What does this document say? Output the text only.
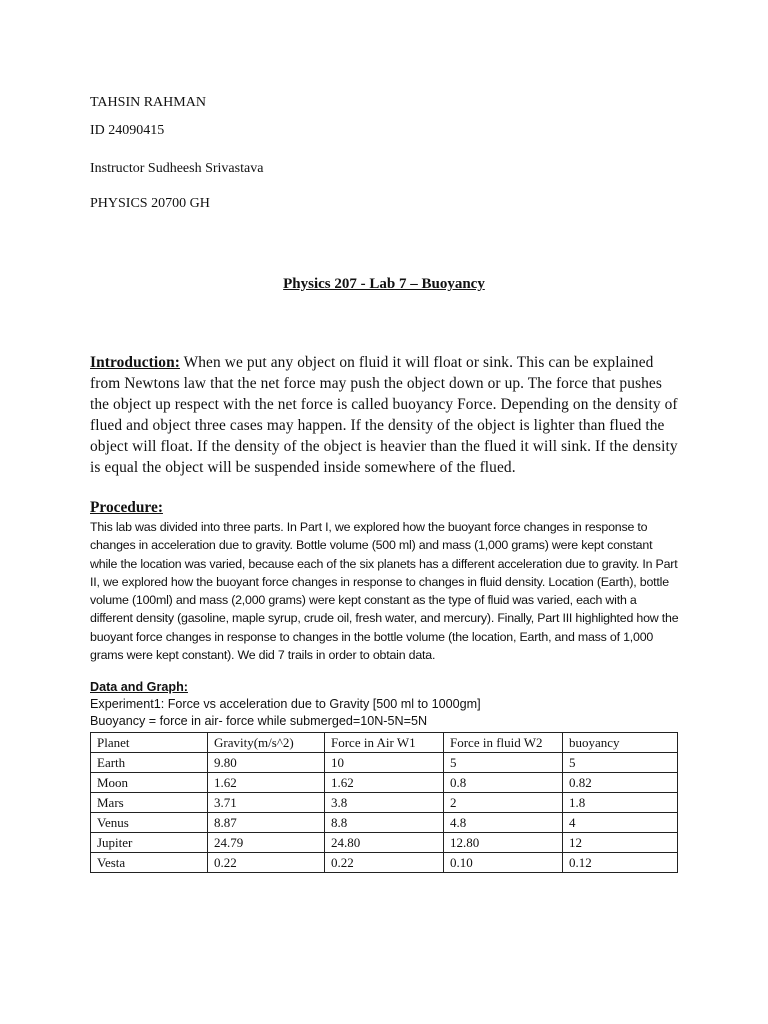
TAHSIN RAHMAN
ID 24090415
Instructor Sudheesh Srivastava
PHYSICS 20700 GH
Physics 207 - Lab 7 – Buoyancy
Introduction: When we put any object on fluid it will float or sink. This can be explained from Newtons law that the net force may push the object down or up. The force that pushes the object up respect with the net force is called buoyancy Force. Depending on the density of flued and object three cases may happen. If the density of the object is lighter than flued the object will float. If the density of the object is heavier than the flued it will sink. If the density is equal the object will be suspended inside somewhere of the flued.
Procedure:
This lab was divided into three parts. In Part I, we explored how the buoyant force changes in response to changes in acceleration due to gravity. Bottle volume (500 ml) and mass (1,000 grams) were kept constant while the location was varied, because each of the six planets has a different acceleration due to gravity. In Part II, we explored how the buoyant force changes in response to changes in fluid density. Location (Earth), bottle volume (100ml) and mass (2,000 grams) were kept constant as the type of fluid was varied, each with a different density (gasoline, maple syrup, crude oil, fresh water, and mercury). Finally, Part III highlighted how the buoyant force changes in response to changes in the bottle volume (the location, Earth, and mass of 1,000 grams were kept constant). We did 7 trails in order to obtain data.
Data and Graph:
Experiment1: Force vs acceleration due to Gravity [500 ml to 1000gm]
Buoyancy = force in air- force while submerged=10N-5N=5N
Planet	Gravity(m/s^2)	Force in Air W1	Force in fluid W2	buoyancy
Earth	9.80	10	5	5
Moon	1.62	1.62	0.8	0.82
Mars	3.71	3.8	2	1.8
Venus	8.87	8.8	4.8	4
Jupiter	24.79	24.80	12.80	12
Vesta	0.22	0.22	0.10	0.12
